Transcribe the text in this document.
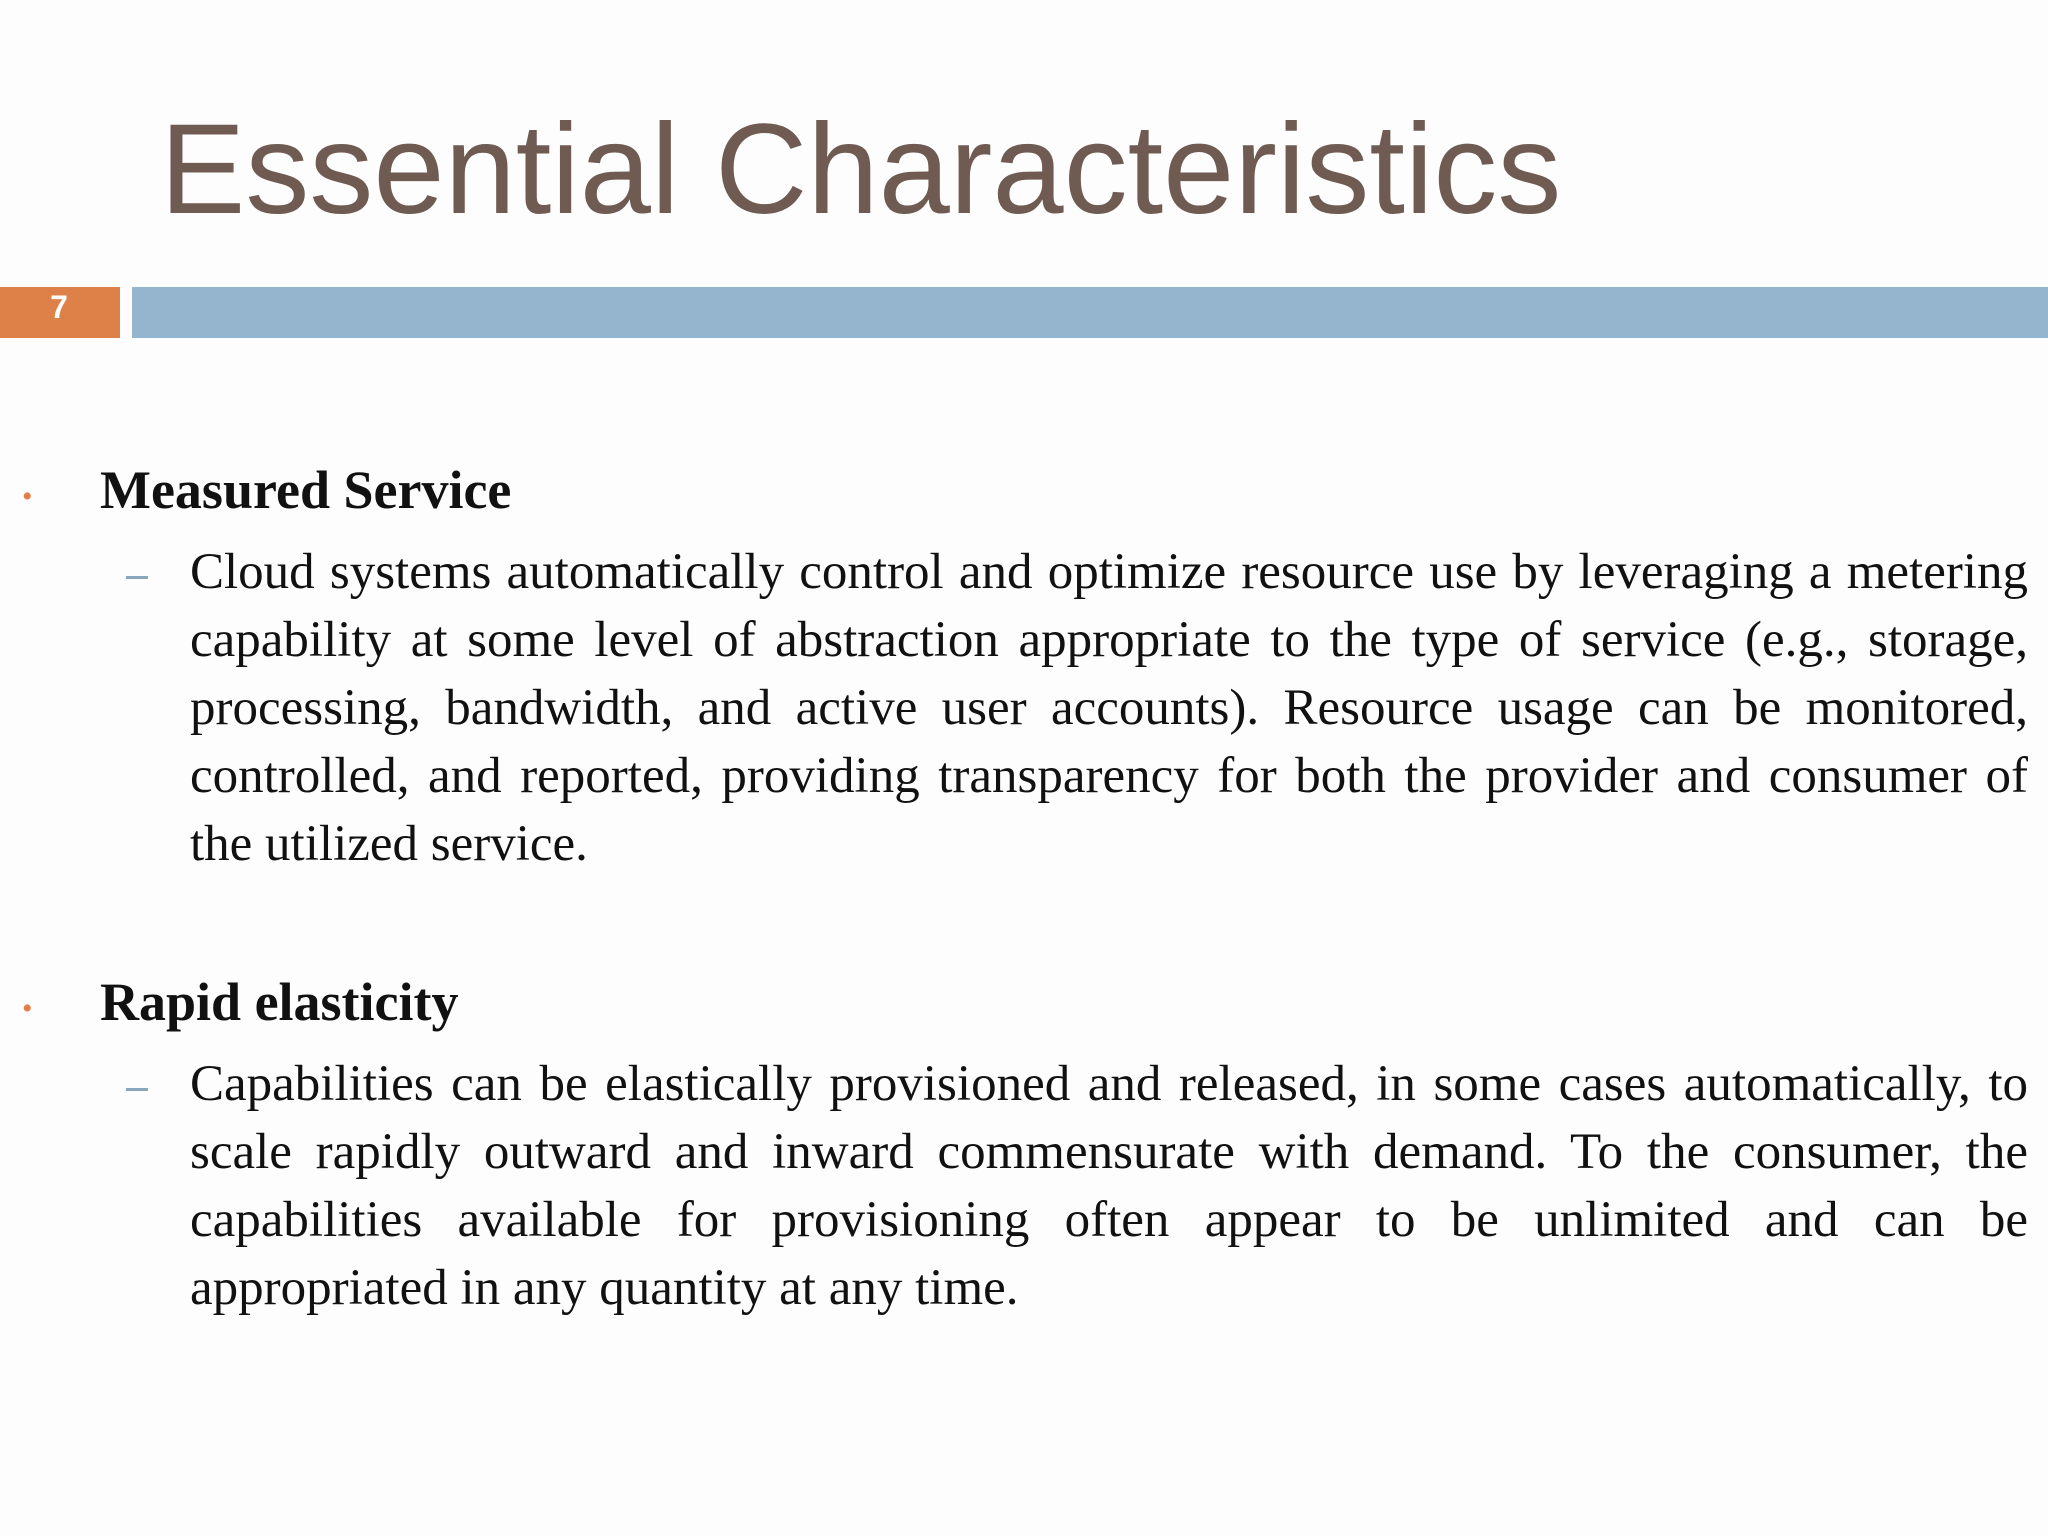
Essential Characteristics
7
• Measured Service

Cloud systems automatically control and optimize resource use by leveraging a metering capability at some level of abstraction appropriate to the type of service (e.g., storage, processing, bandwidth, and active user accounts). Resource usage can be monitored, controlled, and reported, providing transparency for both the provider and consumer of the utilized service.

• Rapid elasticity

Capabilities can be elastically provisioned and released, in some cases automatically, to scale rapidly outward and inward commensurate with demand. To the consumer, the capabilities available for provisioning often appear to be unlimited and can be appropriated in any quantity at any time.
